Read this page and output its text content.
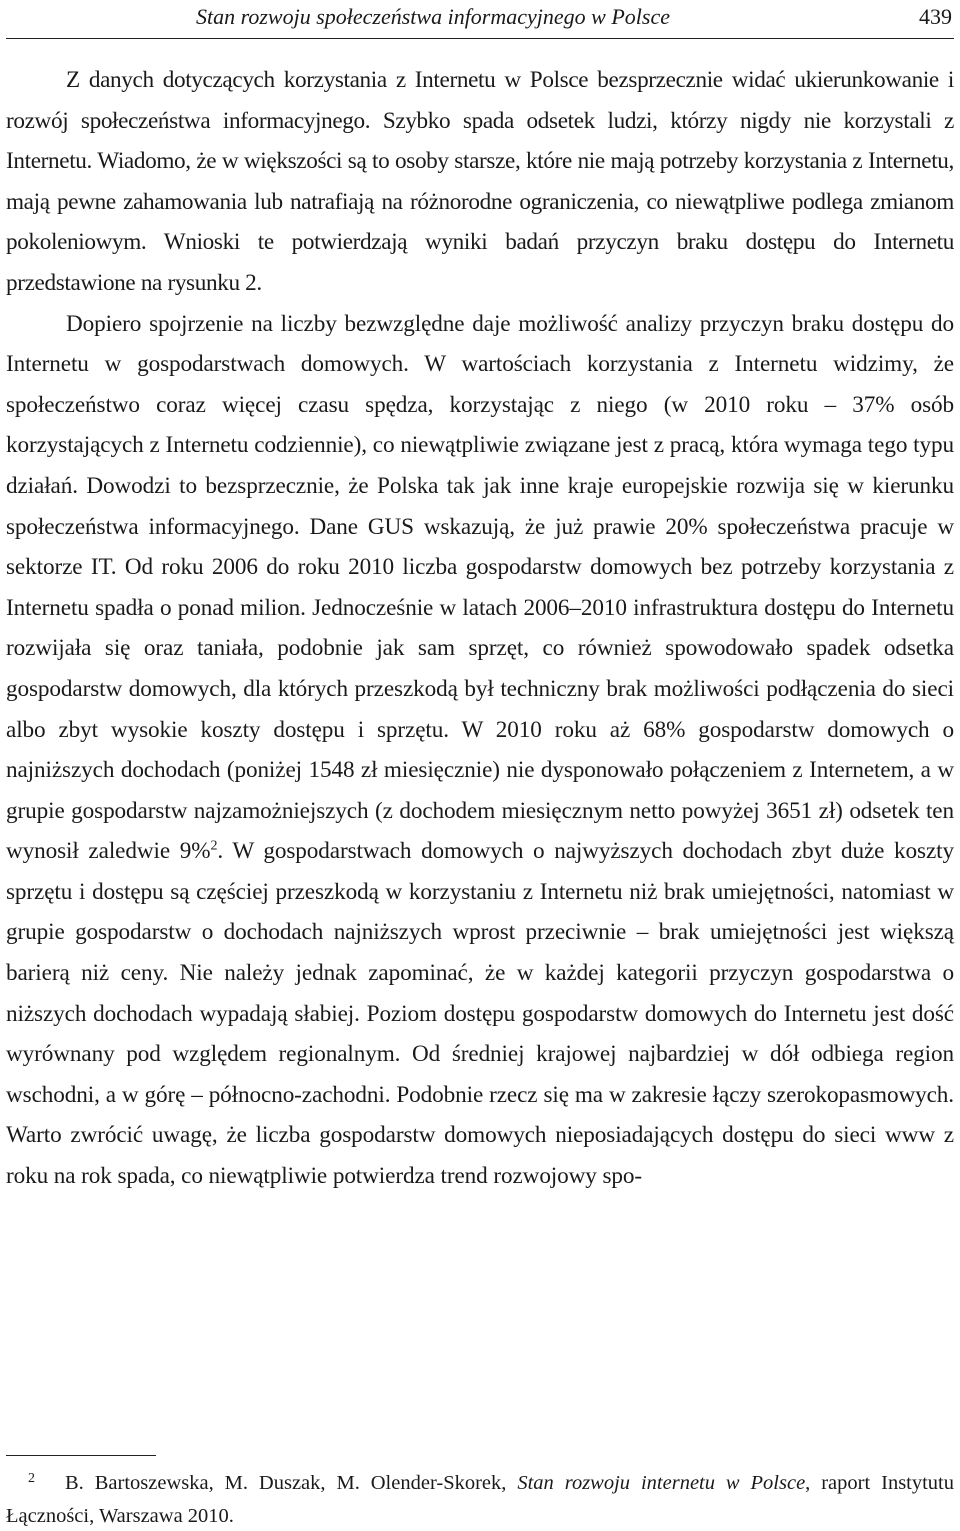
Stan rozwoju społeczeństwa informacyjnego w Polsce	439

Z danych dotyczących korzystania z Internetu w Polsce bezsprzecznie widać ukierunkowanie i rozwój społeczeństwa informacyjnego. Szybko spada odsetek ludzi, którzy nigdy nie korzystali z Internetu. Wiadomo, że w większości są to osoby starsze, które nie mają potrzeby korzystania z Internetu, mają pewne zahamowania lub natrafiają na różnorodne ograniczenia, co niewątpliwe podlega zmianom pokoleniowym. Wnioski te potwierdzają wyniki badań przyczyn braku dostępu do Internetu przedstawione na rysunku 2.

Dopiero spojrzenie na liczby bezwzględne daje możliwość analizy przyczyn braku dostępu do Internetu w gospodarstwach domowych. W wartościach korzystania z Internetu widzimy, że społeczeństwo coraz więcej czasu spędza, korzystając z niego (w 2010 roku – 37% osób korzystających z Internetu codziennie), co niewątpliwie związane jest z pracą, która wymaga tego typu działań. Dowodzi to bezsprzecznie, że Polska tak jak inne kraje europejskie rozwija się w kierunku społeczeństwa informacyjnego. Dane GUS wskazują, że już prawie 20% społeczeństwa pracuje w sektorze IT. Od roku 2006 do roku 2010 liczba gospodarstw domowych bez potrzeby korzystania z Internetu spadła o ponad milion. Jednocześnie w latach 2006–2010 infrastruktura dostępu do Internetu rozwijała się oraz taniała, podobnie jak sam sprzęt, co również spowodowało spadek odsetka gospodarstw domowych, dla których przeszkodą był techniczny brak możliwości podłączenia do sieci albo zbyt wysokie koszty dostępu i sprzętu. W 2010 roku aż 68% gospodarstw domowych o najniższych dochodach (poniżej 1548 zł miesięcznie) nie dysponowało połączeniem z Internetem, a w grupie gospodarstw najzamożniejszych (z dochodem miesięcznym netto powyżej 3651 zł) odsetek ten wynosił zaledwie 9%$^2$. W gospodarstwach domowych o najwyższych dochodach zbyt duże koszty sprzętu i dostępu są częściej przeszkodą w korzystaniu z Internetu niż brak umiejętności, natomiast w grupie gospodarstw o dochodach najniższych wprost przeciwnie – brak umiejętności jest większą barierą niż ceny. Nie należy jednak zapominać, że w każdej kategorii przyczyn gospodarstwa o niższych dochodach wypadają słabiej. Poziom dostępu gospodarstw domowych do Internetu jest dość wyrównany pod względem regionalnym. Od średniej krajowej najbardziej w dół odbiega region wschodni, a w górę – północno-zachodni. Podobnie rzecz się ma w zakresie łączy szerokopasmowych. Warto zwrócić uwagę, że liczba gospodarstw domowych nieposiadających dostępu do sieci www z roku na rok spada, co niewątpliwie potwierdza trend rozwojowy spo-

$^2$ B. Bartoszewska, M. Duszak, M. Olender-Skorek, Stan rozwoju internetu w Polsce, raport Instytutu Łączności, Warszawa 2010.
